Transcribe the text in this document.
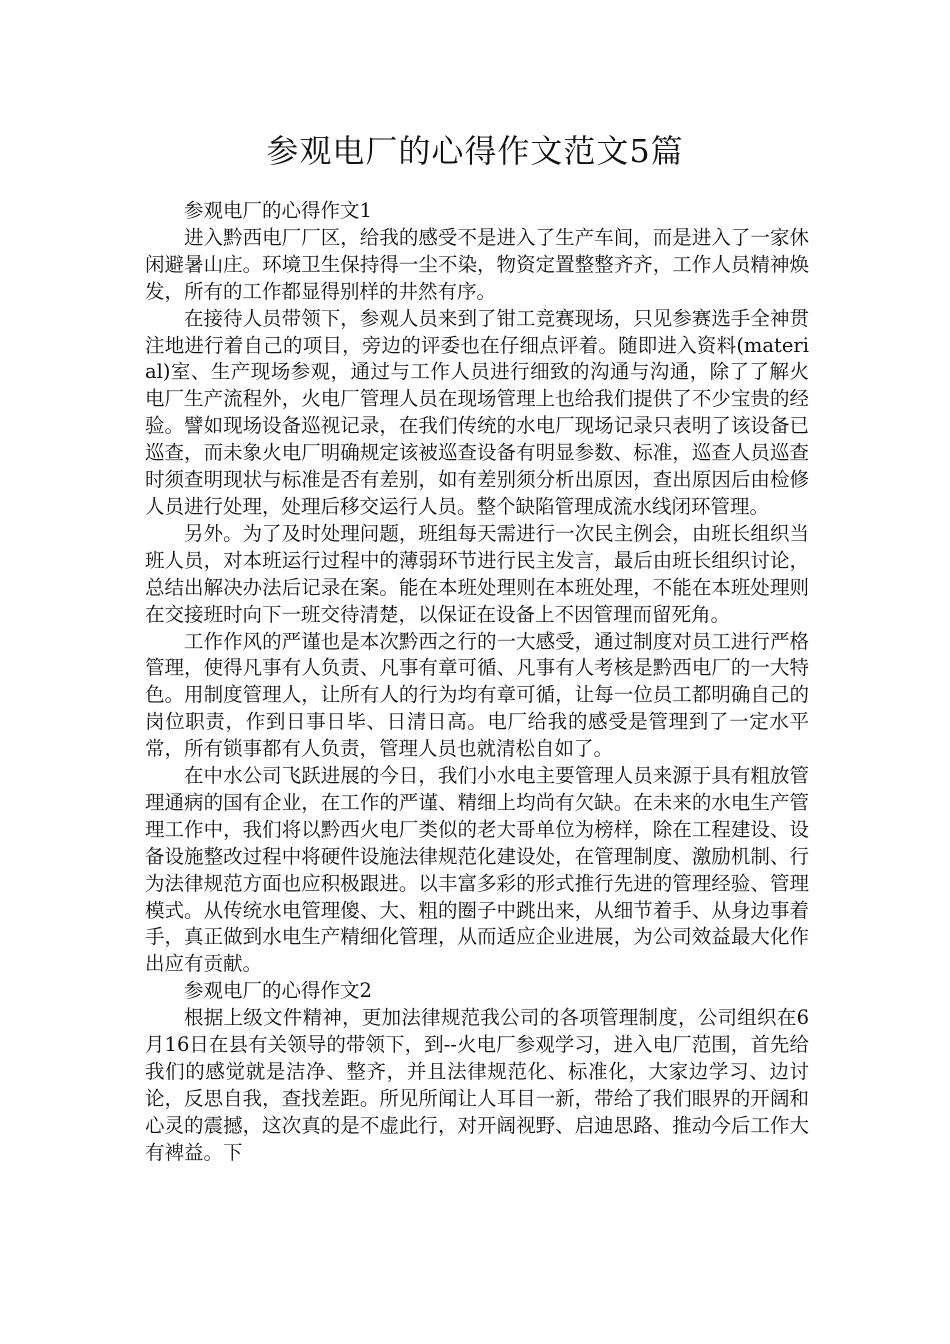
参观电厂的心得作文范文5篇

参观电厂的心得作文1

进入黔西电厂厂区，给我的感受不是进入了生产车间，而是进入了一家休闲避暑山庄。环境卫生保持得一尘不染，物资定置整整齐齐，工作人员精神焕发，所有的工作都显得别样的井然有序。

在接待人员带领下，参观人员来到了钳工竞赛现场，只见参赛选手全神贯注地进行着自己的项目，旁边的评委也在仔细点评着。随即进入资料(material)室、生产现场参观，通过与工作人员进行细致的沟通与沟通，除了了解火电厂生产流程外，火电厂管理人员在现场管理上也给我们提供了不少宝贵的经验。譬如现场设备巡视记录，在我们传统的水电厂现场记录只表明了该设备已巡查，而未象火电厂明确规定该被巡查设备有明显参数、标准，巡查人员巡查时须查明现状与标准是否有差别，如有差别须分析出原因，查出原因后由检修人员进行处理，处理后移交运行人员。整个缺陷管理成流水线闭环管理。

另外。为了及时处理问题，班组每天需进行一次民主例会，由班长组织当班人员，对本班运行过程中的薄弱环节进行民主发言，最后由班长组织讨论，总结出解决办法后记录在案。能在本班处理则在本班处理，不能在本班处理则在交接班时向下一班交待清楚，以保证在设备上不因管理而留死角。

工作作风的严谨也是本次黔西之行的一大感受，通过制度对员工进行严格管理，使得凡事有人负责、凡事有章可循、凡事有人考核是黔西电厂的一大特色。用制度管理人，让所有人的行为均有章可循，让每一位员工都明确自己的岗位职责，作到日事日毕、日清日高。电厂给我的感受是管理到了一定水平常，所有锁事都有人负责，管理人员也就清松自如了。

在中水公司飞跃进展的今日，我们小水电主要管理人员来源于具有粗放管理通病的国有企业，在工作的严谨、精细上均尚有欠缺。在未来的水电生产管理工作中，我们将以黔西火电厂类似的老大哥单位为榜样，除在工程建设、设备设施整改过程中将硬件设施法律规范化建设处，在管理制度、激励机制、行为法律规范方面也应积极跟进。以丰富多彩的形式推行先进的管理经验、管理模式。从传统水电管理傻、大、粗的圈子中跳出来，从细节着手、从身边事着手，真正做到水电生产精细化管理，从而适应企业进展，为公司效益最大化作出应有贡献。

参观电厂的心得作文2

根据上级文件精神，更加法律规范我公司的各项管理制度，公司组织在6月16日在县有关领导的带领下，到--火电厂参观学习，进入电厂范围，首先给我们的感觉就是洁净、整齐，并且法律规范化、标准化，大家边学习、边讨论，反思自我，查找差距。所见所闻让人耳目一新，带给了我们眼界的开阔和心灵的震撼，这次真的是不虚此行，对开阔视野、启迪思路、推动今后工作大有裨益。下
